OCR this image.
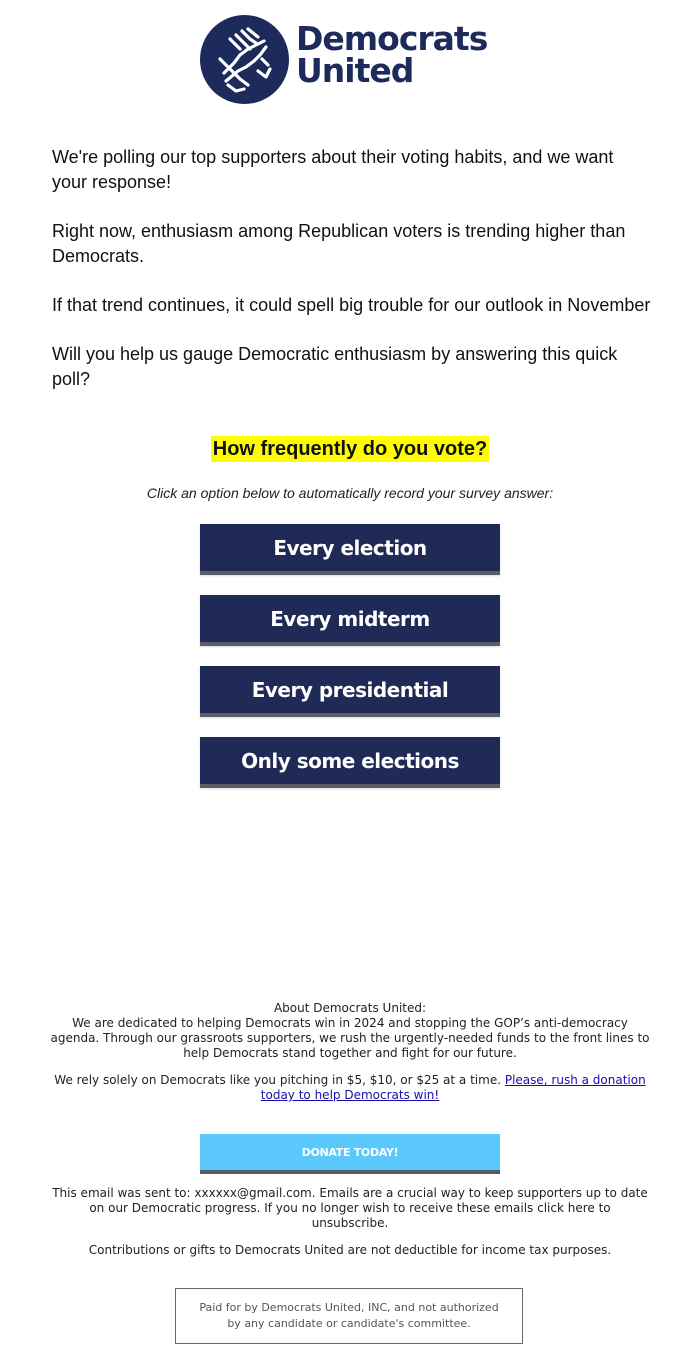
Democrats
United

We're polling our top supporters about their voting habits, and we want your response!

Right now, enthusiasm among Republican voters is trending higher than Democrats.

If that trend continues, it could spell big trouble for our outlook in November

Will you help us gauge Democratic enthusiasm by answering this quick poll?

How frequently do you vote?
Click an option below to automatically record your survey answer:
Every election
Every midterm
Every presidential
Only some elections

About Democrats United:

We are dedicated to helping Democrats win in 2024 and stopping the GOP’s anti-democracy agenda. Through our grassroots supporters, we rush the urgently-needed funds to the front lines to help Democrats stand together and fight for our future.

We rely solely on Democrats like you pitching in $5, $10, or $25 at a time. Please, rush a donation today to help Democrats win!
DONATE TODAY!
This email was sent to: xxxxxx@gmail.com. Emails are a crucial way to keep supporters up to date on our Democratic progress. If you no longer wish to receive these emails click here to unsubscribe.
Contributions or gifts to Democrats United are not deductible for income tax purposes.
Paid for by Democrats United, INC, and not authorized by any candidate or candidate's committee.
